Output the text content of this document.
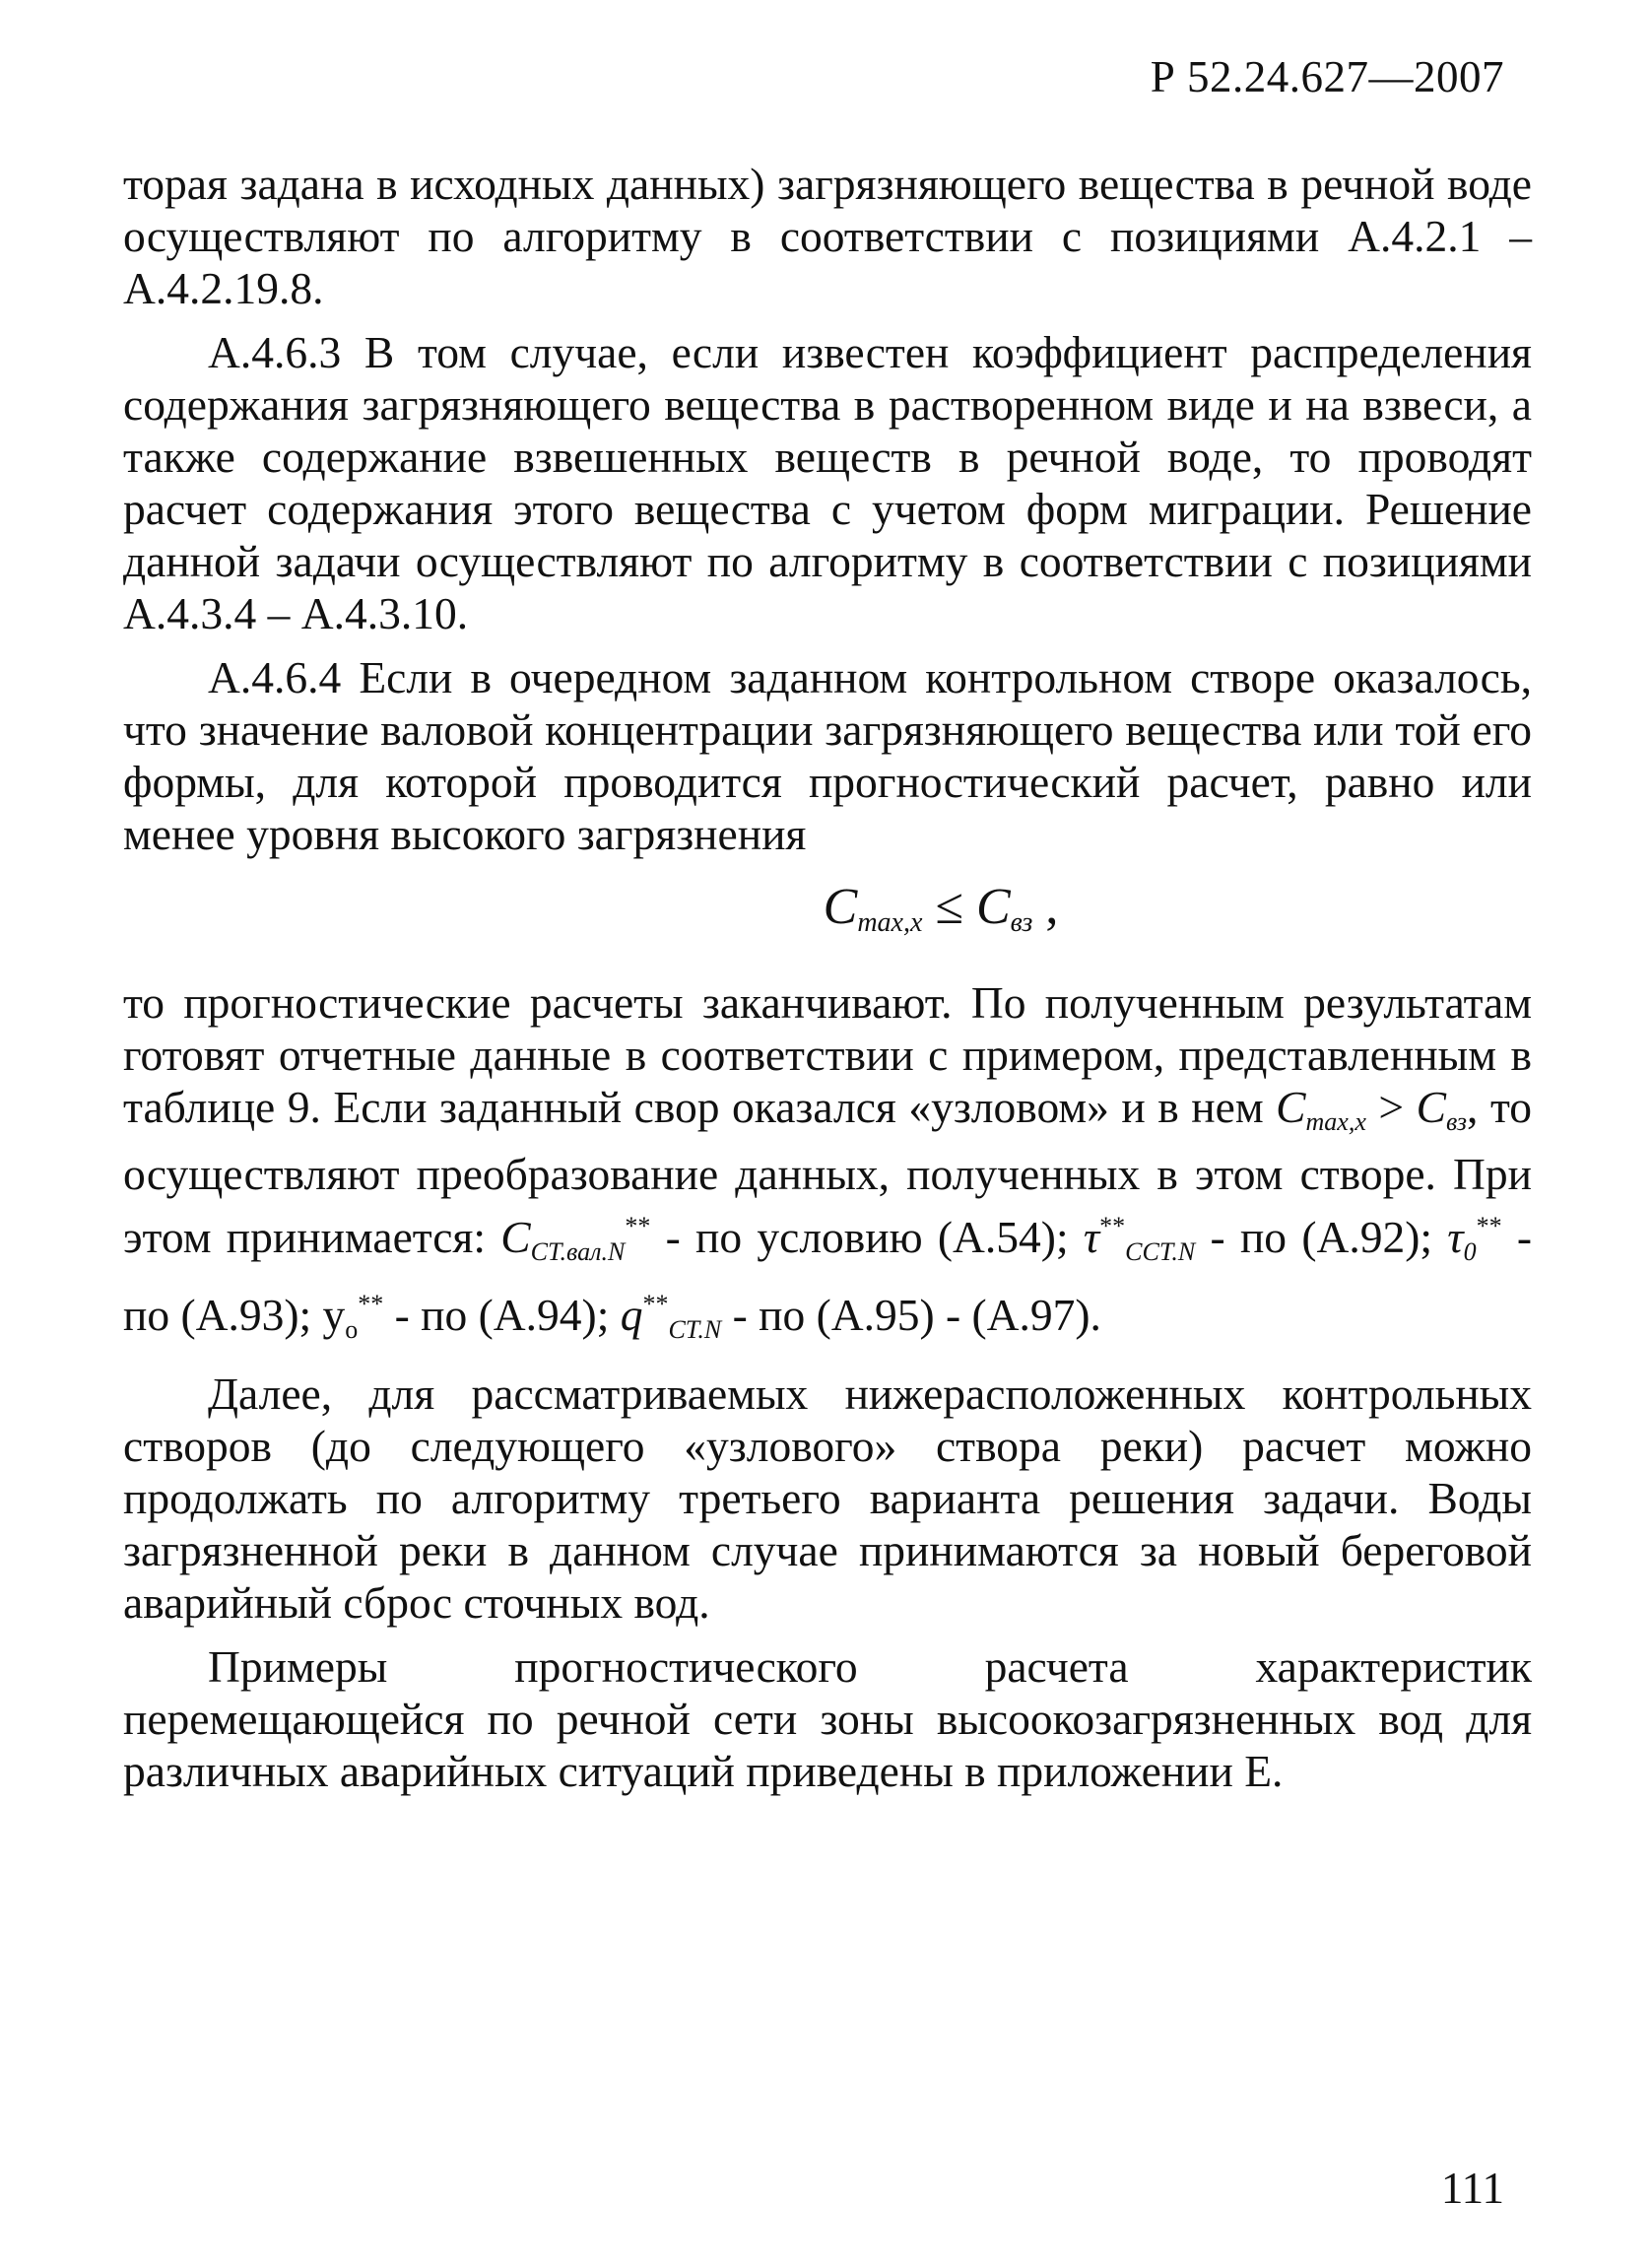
Р 52.24.627—2007

торая задана в исходных данных) загрязняющего вещества в речной воде осуществляют по алгоритму в соответствии с позициями А.4.2.1 – А.4.2.19.8.

А.4.6.3 В том случае, если известен коэффициент распределения содержания загрязняющего вещества в растворенном виде и на взвеси, а также содержание взвешенных веществ в речной воде, то проводят расчет содержания этого вещества с учетом форм миграции. Решение данной задачи осуществляют по алгоритму в соответствии с позициями А.4.3.4 – А.4.3.10.

А.4.6.4 Если в очередном заданном контрольном створе оказалось, что значение валовой концентрации загрязняющего вещества или той его формы, для которой проводится прогностический расчет, равно или менее уровня высокого загрязнения

$C_{max,x} \le C_{вз}$ ,

то прогностические расчеты заканчивают. По полученным результатам готовят отчетные данные в соответствии с примером, представленным в таблице 9. Если заданный свор оказался «узловом» и в нем $C_{max,x} > C_{вз}$, то осуществляют преобразование данных, полученных в этом створе. При этом принимается: $C_{CT.вал.N}^{**}$ - по условию (А.54); $\tau^{**}_{CCT.N}$ - по (А.92); $\tau_0^{**}$ - по (А.93); $y_о^{**}$ - по (А.94); $q^{**}_{CT.N}$ - по (А.95) - (А.97).

Далее, для рассматриваемых нижерасположенных контрольных створов (до следующего «узлового» створа реки) расчет можно продолжать по алгоритму третьего варианта решения задачи. Воды загрязненной реки в данном случае принимаются за новый береговой аварийный сброс сточных вод.

Примеры прогностического расчета характеристик перемещающейся по речной сети зоны высоокозагрязненных вод для различных аварийных ситуаций приведены в приложении Е.

111
